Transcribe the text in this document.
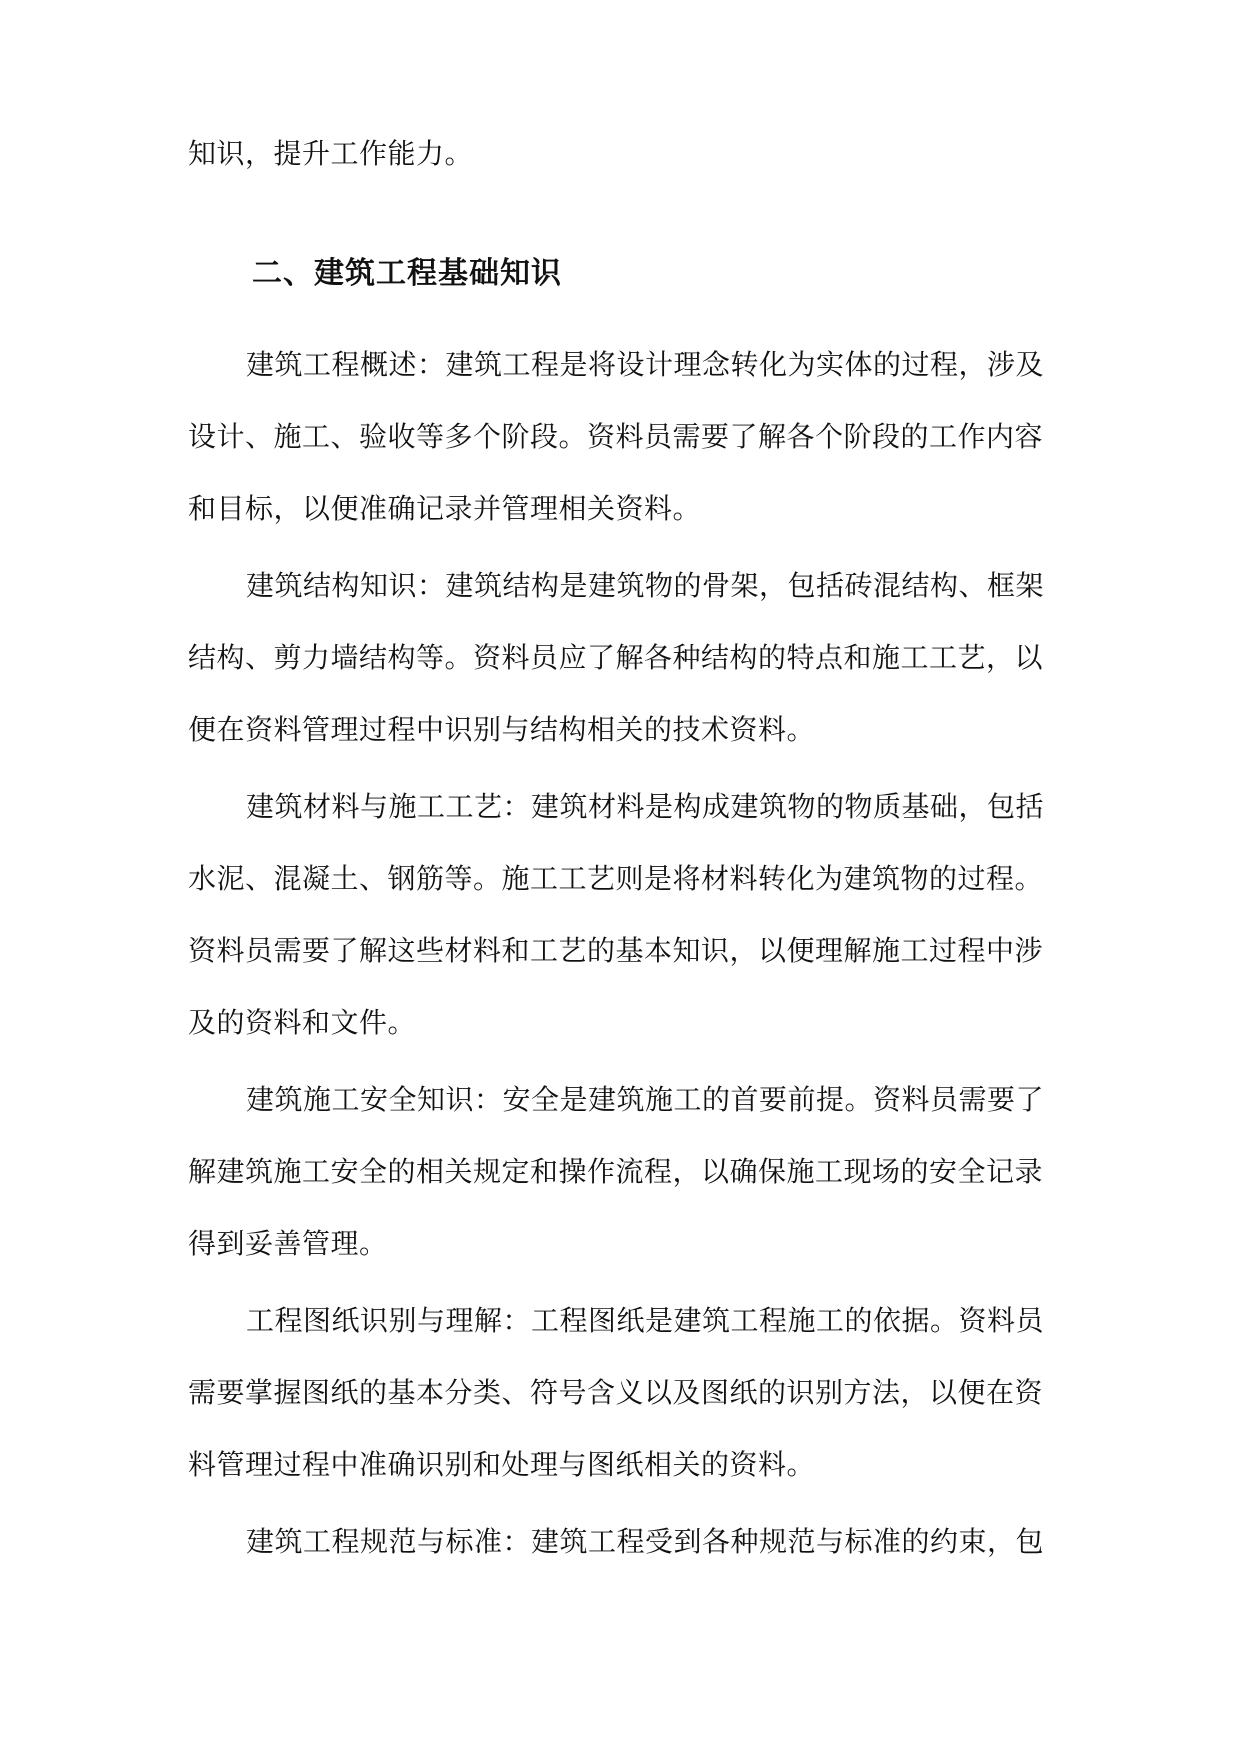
知识，提升工作能力。
二、建筑工程基础知识
建筑工程概述：建筑工程是将设计理念转化为实体的过程，涉及
设计、施工、验收等多个阶段。资料员需要了解各个阶段的工作内容
和目标，以便准确记录并管理相关资料。
建筑结构知识：建筑结构是建筑物的骨架，包括砖混结构、框架
结构、剪力墙结构等。资料员应了解各种结构的特点和施工工艺，以
便在资料管理过程中识别与结构相关的技术资料。
建筑材料与施工工艺：建筑材料是构成建筑物的物质基础，包括
水泥、混凝土、钢筋等。施工工艺则是将材料转化为建筑物的过程。
资料员需要了解这些材料和工艺的基本知识，以便理解施工过程中涉
及的资料和文件。
建筑施工安全知识：安全是建筑施工的首要前提。资料员需要了
解建筑施工安全的相关规定和操作流程，以确保施工现场的安全记录
得到妥善管理。
工程图纸识别与理解：工程图纸是建筑工程施工的依据。资料员
需要掌握图纸的基本分类、符号含义以及图纸的识别方法，以便在资
料管理过程中准确识别和处理与图纸相关的资料。
建筑工程规范与标准：建筑工程受到各种规范与标准的约束，包
